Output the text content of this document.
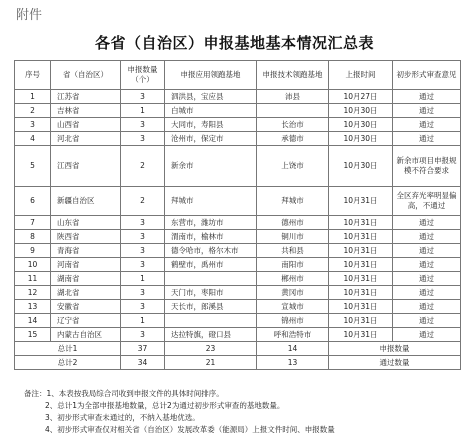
附件
各省（自治区）申报基地基本情况汇总表
序号	省（自治区）	申报数量（个）	申报应用领跑基地	申报技术领跑基地	上报时间	初步形式审查意见
1	江苏省	3	泗洪县，宝应县	沛县	10月27日	通过
2	吉林省	1	白城市		10月30日	通过
3	山西省	3	大同市，寿阳县	长治市	10月30日	通过
4	河北省	3	沧州市，保定市	承德市	10月30日	通过
5	江西省	2	新余市	上饶市	10月30日	新余市项目申报规模不符合要求
6	新疆自治区	2	拜城市	拜城市	10月31日	全区弃光率明显偏高，不通过
7	山东省	3	东营市，潍坊市	德州市	10月31日	通过
8	陕西省	3	渭南市，榆林市	铜川市	10月31日	通过
9	青海省	3	德令哈市，格尔木市	共和县	10月31日	通过
10	河南省	3	鹤壁市，禹州市	南阳市	10月31日	通过
11	湖南省	1		郴州市	10月31日	通过
12	湖北省	3	天门市，枣阳市	黄冈市	10月31日	通过
13	安徽省	3	天长市，郎溪县	宣城市	10月31日	通过
14	辽宁省	1		锦州市	10月31日	通过
15	内蒙古自治区	3	达拉特旗，磴口县	呼和浩特市	10月31日	通过
总计1		37	23	14	申报数量	
总计2		34	21	13	通过数量	
备注：1、本表按我局综合司收到申报文件的具体时间排序。
2、总计1为全部申报基地数量，总计2为通过初步形式审查的基地数量。
3、初步形式审查未通过的，不纳入基地优选。
4、初步形式审查仅对相关省（自治区）发展改革委（能源局）上报文件时间、申报数量
